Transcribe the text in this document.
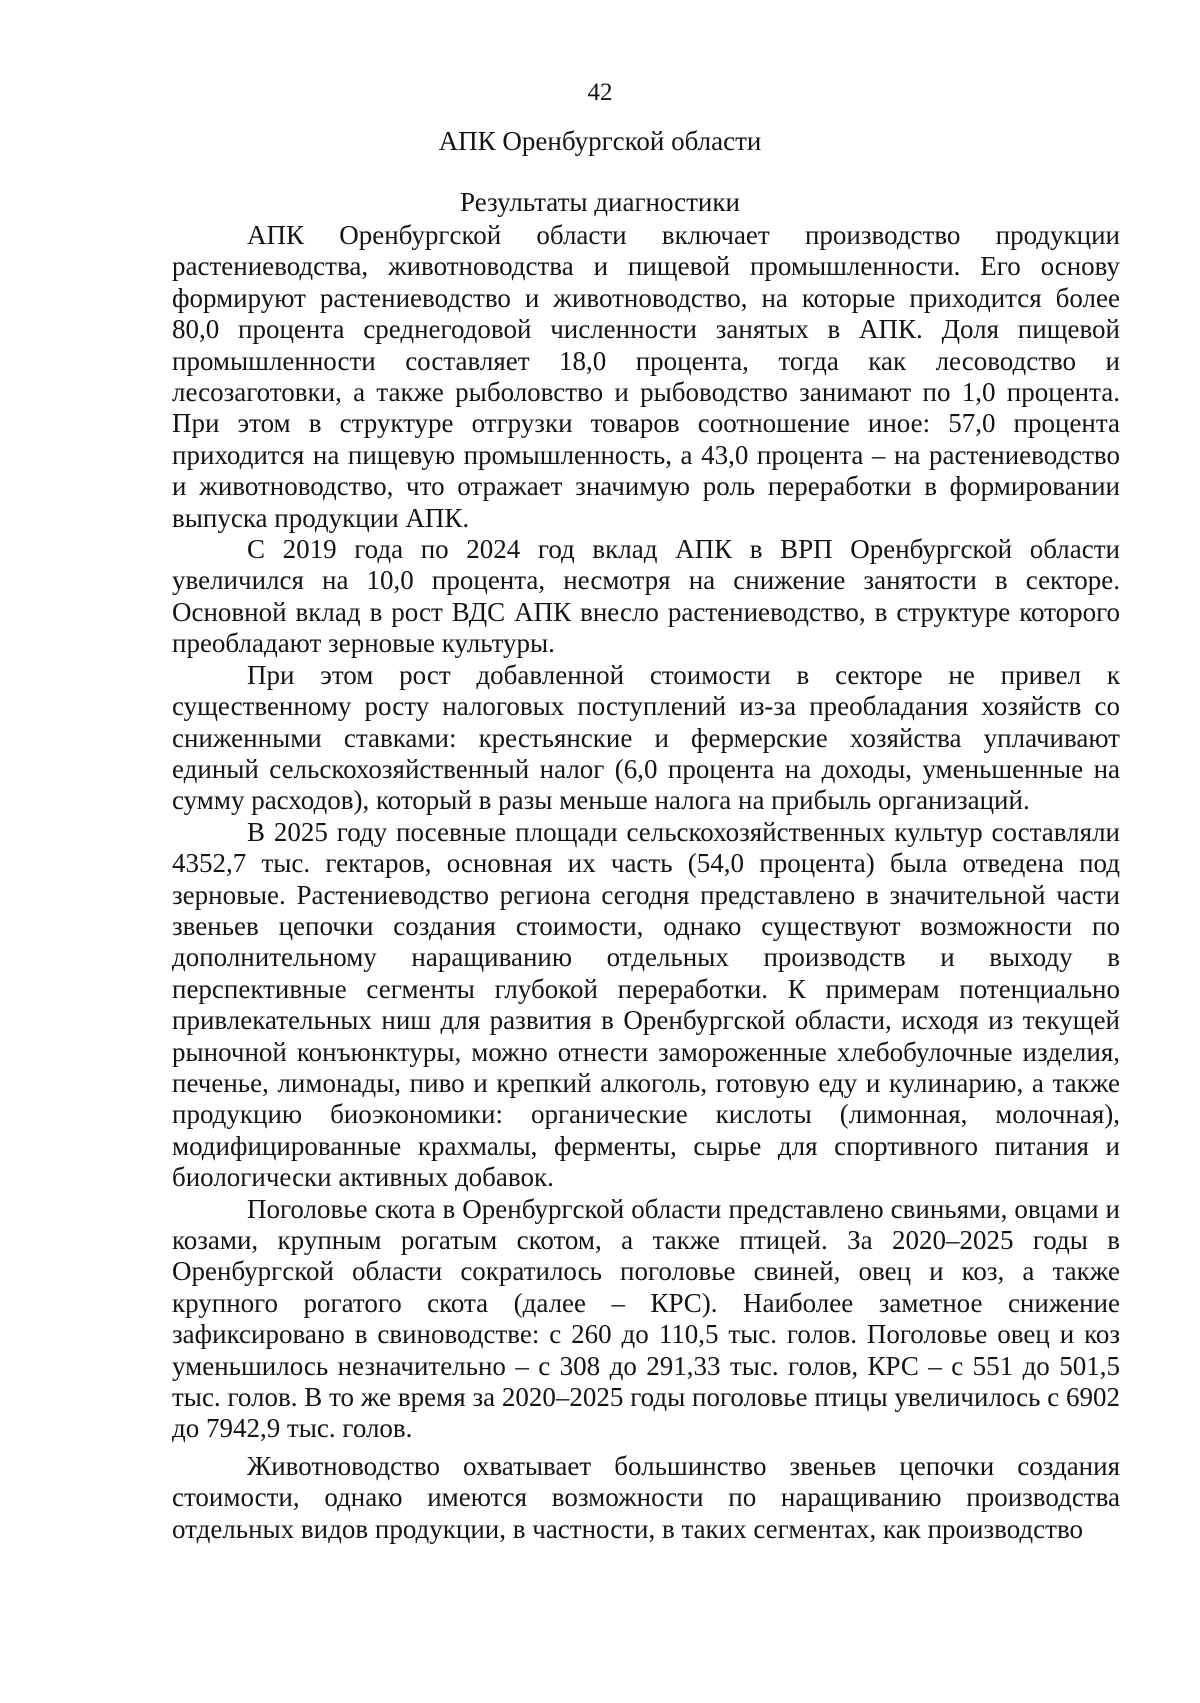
42

АПК Оренбургской области
Результаты диагностики

АПК Оренбургской области включает производство продукции растениеводства, животноводства и пищевой промышленности. Его основу формируют растениеводство и животноводство, на которые приходится более 80,0 процента среднегодовой численности занятых в АПК. Доля пищевой промышленности составляет 18,0 процента, тогда как лесоводство и лесозаготовки, а также рыболовство и рыбоводство занимают по 1,0 процента. При этом в структуре отгрузки товаров соотношение иное: 57,0 процента приходится на пищевую промышленность, а 43,0 процента – на растениеводство и животноводство, что отражает значимую роль переработки в формировании выпуска продукции АПК.

С 2019 года по 2024 год вклад АПК в ВРП Оренбургской области увеличился на 10,0 процента, несмотря на снижение занятости в секторе. Основной вклад в рост ВДС АПК внесло растениеводство, в структуре которого преобладают зерновые культуры.

При этом рост добавленной стоимости в секторе не привел к существенному росту налоговых поступлений из-за преобладания хозяйств со сниженными ставками: крестьянские и фермерские хозяйства уплачивают единый сельскохозяйственный налог (6,0 процента на доходы, уменьшенные на сумму расходов), который в разы меньше налога на прибыль организаций.

В 2025 году посевные площади сельскохозяйственных культур составляли 4352,7 тыс. гектаров, основная их часть (54,0 процента) была отведена под зерновые. Растениеводство региона сегодня представлено в значительной части звеньев цепочки создания стоимости, однако существуют возможности по дополнительному наращиванию отдельных производств и выходу в перспективные сегменты глубокой переработки. К примерам потенциально привлекательных ниш для развития в Оренбургской области, исходя из текущей рыночной конъюнктуры, можно отнести замороженные хлебобулочные изделия, печенье, лимонады, пиво и крепкий алкоголь, готовую еду и кулинарию, а также продукцию биоэкономики: органические кислоты (лимонная, молочная), модифицированные крахмалы, ферменты, сырье для спортивного питания и биологически активных добавок.

Поголовье скота в Оренбургской области представлено свиньями, овцами и козами, крупным рогатым скотом, а также птицей. За 2020–2025 годы в Оренбургской области сократилось поголовье свиней, овец и коз, а также крупного рогатого скота (далее – КРС). Наиболее заметное снижение зафиксировано в свиноводстве: с 260 до 110,5 тыс. голов. Поголовье овец и коз уменьшилось незначительно – с 308 до 291,33 тыс. голов, КРС – с 551 до 501,5 тыс. голов. В то же время за 2020–2025 годы поголовье птицы увеличилось с 6902 до 7942,9 тыс. голов.

Животноводство охватывает большинство звеньев цепочки создания стоимости, однако имеются возможности по наращиванию производства отдельных видов продукции, в частности, в таких сегментах, как производство
